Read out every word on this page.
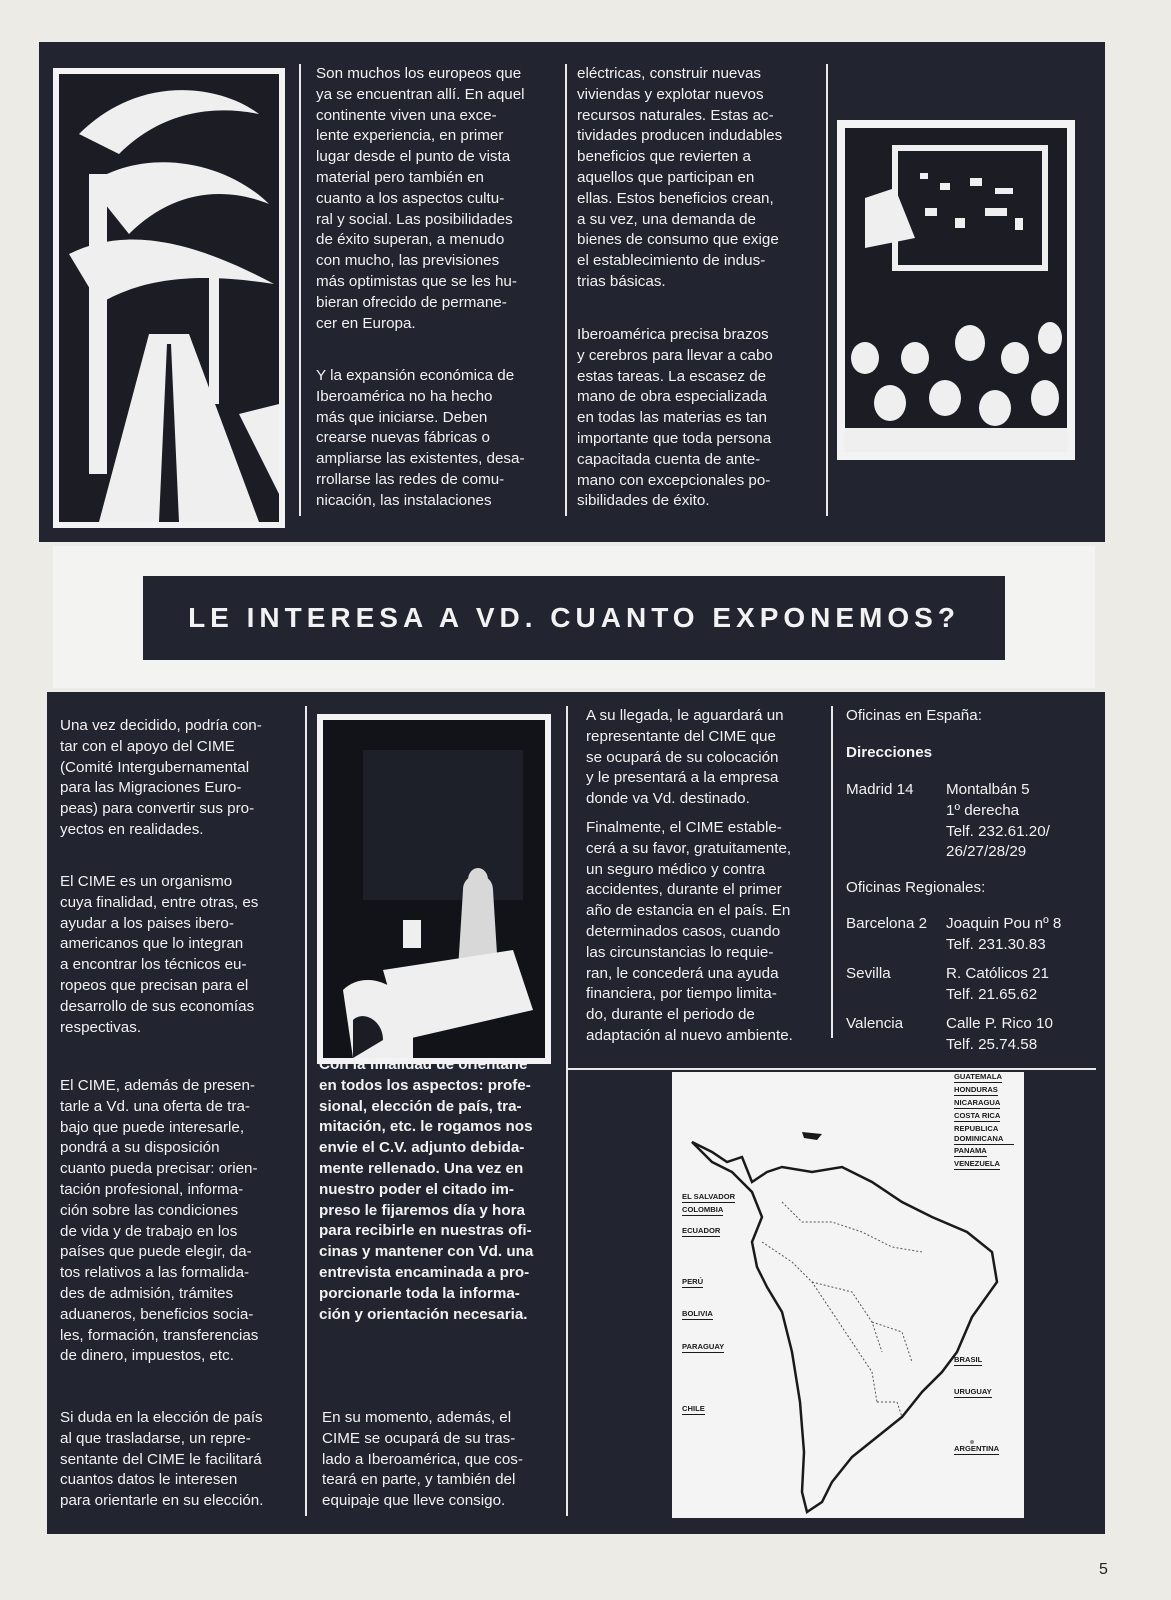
Son muchos los europeos que
ya se encuentran allí. En aquel
continente viven una exce-
lente experiencia, en primer
lugar desde el punto de vista
material pero también en
cuanto a los aspectos cultu-
ral y social. Las posibilidades
de éxito superan, a menudo
con mucho, las previsiones
más optimistas que se les hu-
bieran ofrecido de permane-
cer en Europa.

Y la expansión económica de
Iberoamérica no ha hecho
más que iniciarse. Deben
crearse nuevas fábricas o
ampliarse las existentes, desa-
rrollarse las redes de comu-
nicación, las instalaciones

eléctricas, construir nuevas
viviendas y explotar nuevos
recursos naturales. Estas ac-
tividades producen indudables
beneficios que revierten a
aquellos que participan en
ellas. Estos beneficios crean,
a su vez, una demanda de
bienes de consumo que exige
el establecimiento de indus-
trias básicas.

Iberoamérica precisa brazos
y cerebros para llevar a cabo
estas tareas. La escasez de
mano de obra especializada
en todas las materias es tan
importante que toda persona
capacitada cuenta de ante-
mano con excepcionales po-
sibilidades de éxito.

LE INTERESA A VD. CUANTO EXPONEMOS?

Una vez decidido, podría con-
tar con el apoyo del CIME
(Comité Intergubernamental
para las Migraciones Euro-
peas) para convertir sus pro-
yectos en realidades.

El CIME es un organismo
cuya finalidad, entre otras, es
ayudar a los paises ibero-
americanos que lo integran
a encontrar los técnicos eu-
ropeos que precisan para el
desarrollo de sus economías
respectivas.

El CIME, además de presen-
tarle a Vd. una oferta de tra-
bajo que puede interesarle,
pondrá a su disposición
cuanto pueda precisar: orien-
tación profesional, informa-
ción sobre las condiciones
de vida y de trabajo en los
países que puede elegir, da-
tos relativos a las formalida-
des de admisión, trámites
aduaneros, beneficios socia-
les, formación, transferencias
de dinero, impuestos, etc.

Si duda en la elección de país
al que trasladarse, un repre-
sentante del CIME le facilitará
cuantos datos le interesen
para orientarle en su elección.

Con la finalidad de orientarle
en todos los aspectos: profe-
sional, elección de país, tra-
mitación, etc. le rogamos nos
envie el C.V. adjunto debida-
mente rellenado. Una vez en
nuestro poder el citado im-
preso le fijaremos día y hora
para recibirle en nuestras ofi-
cinas y mantener con Vd. una
entrevista encaminada a pro-
porcionarle toda la informa-
ción y orientación necesaria.

En su momento, además, el
CIME se ocupará de su tras-
lado a Iberoamérica, que cos-
teará en parte, y también del
equipaje que lleve consigo.

A su llegada, le aguardará un
representante del CIME que
se ocupará de su colocación
y le presentará a la empresa
donde va Vd. destinado.

Finalmente, el CIME estable-
cerá a su favor, gratuitamente,
un seguro médico y contra
accidentes, durante el primer
año de estancia en el país. En
determinados casos, cuando
las circunstancias lo requie-
ran, le concederá una ayuda
financiera, por tiempo limita-
do, durante el periodo de
adaptación al nuevo ambiente.

Oficinas en España:
Direcciones
Madrid 14 Montalbán 5
1º derecha
Telf. 232.61.20/
26/27/28/29
Oficinas Regionales:
Barcelona 2 Joaquin Pou nº 8
Telf. 231.30.83
Sevilla	R. Católicos 21
Telf. 21.65.62
Valencia	Calle P. Rico 10
Telf. 25.74.58
GUATEMALA
HONDURAS
NICARAGUA
COSTA RICA
REPUBLICA DOMINICANA
PANAMA
VENEZUELA
EL SALVADOR
COLOMBIA
ECUADOR
PERÚ
BOLIVIA
PARAGUAY
BRASIL
CHILE
URUGUAY
ARGENTINA
5
